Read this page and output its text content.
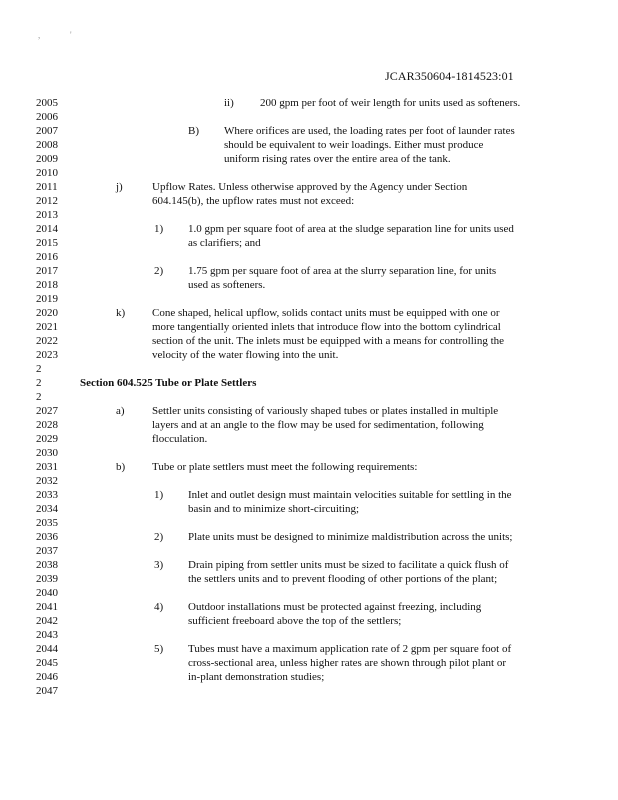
,	'
JCAR350604-1814523:01
2005
2006
2007
2008
2009
2010
2011
2012
2013
2014
2015
2016
2017
2018
2019
2020
2021
2022
2023
2
2
2
2027
2028
2029
2030
2031
2032
2033
2034
2035
2036
2037
2038
2039
2040
2041
2042
2043
2044
2045
2046
2047
ii) 200 gpm per foot of weir length for units used as softeners.
B) Where orifices are used, the loading rates per foot of launder rates
should be equivalent to weir loadings. Either must produce
uniform rising rates over the entire area of the tank.
j)	Upflow Rates. Unless otherwise approved by the Agency under Section
604.145(b), the upflow rates must not exceed:
1) 1.0 gpm per square foot of area at the sludge separation line for units used
as clarifiers; and
2) 1.75 gpm per square foot of area at the slurry separation line, for units
used as softeners.
k) Cone shaped, helical upflow, solids contact units must be equipped with one or
more tangentially oriented inlets that introduce flow into the bottom cylindrical
section of the unit. The inlets must be equipped with a means for controlling the
velocity of the water flowing into the unit.
Section 604.525 Tube or Plate Settlers
a) Settler units consisting of variously shaped tubes or plates installed in multiple
layers and at an angle to the flow may be used for sedimentation, following
flocculation.
b) Tube or plate settlers must meet the following requirements:
1) Inlet and outlet design must maintain velocities suitable for settling in the
basin and to minimize short-circuiting;
2) Plate units must be designed to minimize maldistribution across the units;
3) Drain piping from settler units must be sized to facilitate a quick flush of
the settlers units and to prevent flooding of other portions of the plant;
4) Outdoor installations must be protected against freezing, including
sufficient freeboard above the top of the settlers;
5) Tubes must have a maximum application rate of 2 gpm per square foot of
cross-sectional area, unless higher rates are shown through pilot plant or
in-plant demonstration studies;
